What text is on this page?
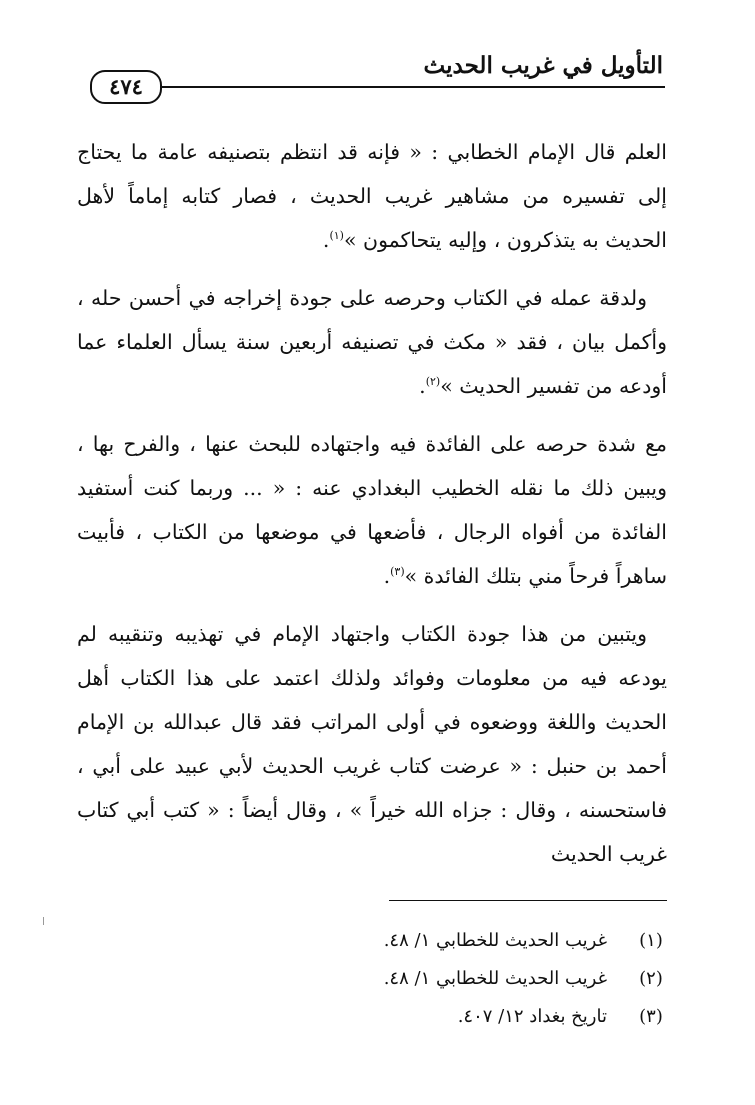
التأويل في غريب الحديث
٤٧٤

العلم قال الإمام الخطابي : « فإنه قد انتظم بتصنيفه عامة ما يحتاج إلى تفسيره من مشاهير غريب الحديث ، فصار كتابه إماماً لأهل الحديث به يتذكرون ، وإليه يتحاكمون »$^{(١)}$.

ولدقة عمله في الكتاب وحرصه على جودة إخراجه في أحسن حله ، وأكمل بيان ، فقد « مكث في تصنيفه أربعين سنة يسأل العلماء عما أودعه من تفسير الحديث »$^{(٢)}$.

مع شدة حرصه على الفائدة فيه واجتهاده للبحث عنها ، والفرح بها ، ويبين ذلك ما نقله الخطيب البغدادي عنه : « ... وربما كنت أستفيد الفائدة من أفواه الرجال ، فأضعها في موضعها من الكتاب ، فأبيت ساهراً فرحاً مني بتلك الفائدة »$^{(٣)}$.

ويتبين من هذا جودة الكتاب واجتهاد الإمام في تهذيبه وتنقيبه لم يودعه فيه من معلومات وفوائد ولذلك اعتمد على هذا الكتاب أهل الحديث واللغة ووضعوه في أولى المراتب فقد قال عبدالله بن الإمام أحمد بن حنبل : « عرضت كتاب غريب الحديث لأبي عبيد على أبي ، فاستحسنه ، وقال : جزاه الله خيراً » ، وقال أيضاً : « كتب أبي كتاب غريب الحديث

(١)
غريب الحديث للخطابي ١/ ٤٨.
(٢)
غريب الحديث للخطابي ١/ ٤٨.
(٣)
تاريخ بغداد ١٢/ ٤٠٧.
